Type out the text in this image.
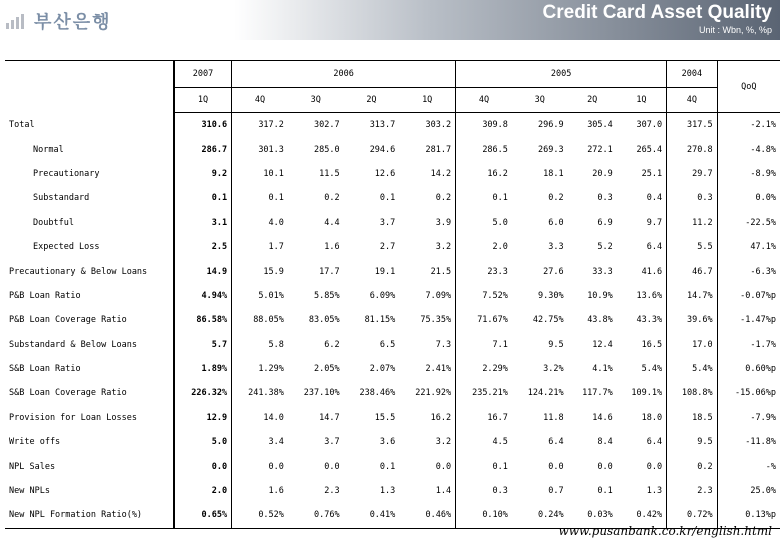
부산은행	Credit Card Asset Quality
Unit : Wbn, %, %p
	2007	2006				2005				2004	QoQ
	1Q	4Q	3Q	2Q	1Q	4Q	3Q	2Q	1Q	4Q	
Total	310.6	317.2	302.7	313.7	303.2	309.8	296.9	305.4	307.0	317.5	-2.1%
Normal	286.7	301.3	285.0	294.6	281.7	286.5	269.3	272.1	265.4	270.8	-4.8%
Precautionary	9.2	10.1	11.5	12.6	14.2	16.2	18.1	20.9	25.1	29.7	-8.9%
Substandard	0.1	0.1	0.2	0.1	0.2	0.1	0.2	0.3	0.4	0.3	0.0%
Doubtful	3.1	4.0	4.4	3.7	3.9	5.0	6.0	6.9	9.7	11.2	-22.5%
Expected Loss	2.5	1.7	1.6	2.7	3.2	2.0	3.3	5.2	6.4	5.5	47.1%
Precautionary & Below Loans	14.9	15.9	17.7	19.1	21.5	23.3	27.6	33.3	41.6	46.7	-6.3%
P&B Loan Ratio	4.94%	5.01%	5.85%	6.09%	7.09%	7.52%	9.30%	10.9%	13.6%	14.7%	-0.07%p
P&B Loan Coverage Ratio	86.58%	88.05%	83.05%	81.15%	75.35%	71.67%	42.75%	43.8%	43.3%	39.6%	-1.47%p
Substandard & Below Loans	5.7	5.8	6.2	6.5	7.3	7.1	9.5	12.4	16.5	17.0	-1.7%
S&B Loan Ratio	1.89%	1.29%	2.05%	2.07%	2.41%	2.29%	3.2%	4.1%	5.4%	5.4%	0.60%p
S&B Loan Coverage Ratio	226.32%	241.38%	237.10%	238.46%	221.92%	235.21%	124.21%	117.7%	109.1%	108.8%	-15.06%p
Provision for Loan Losses	12.9	14.0	14.7	15.5	16.2	16.7	11.8	14.6	18.0	18.5	-7.9%
Write offs	5.0	3.4	3.7	3.6	3.2	4.5	6.4	8.4	6.4	9.5	-11.8%
NPL Sales	0.0	0.0	0.0	0.1	0.0	0.1	0.0	0.0	0.0	0.2	-%
New NPLs	2.0	1.6	2.3	1.3	1.4	0.3	0.7	0.1	1.3	2.3	25.0%
New NPL Formation Ratio(%)	0.65%	0.52%	0.76%	0.41%	0.46%	0.10%	0.24%	0.03%	0.42%	0.72%	0.13%p
www.pusanbank.co.kr/english.html
